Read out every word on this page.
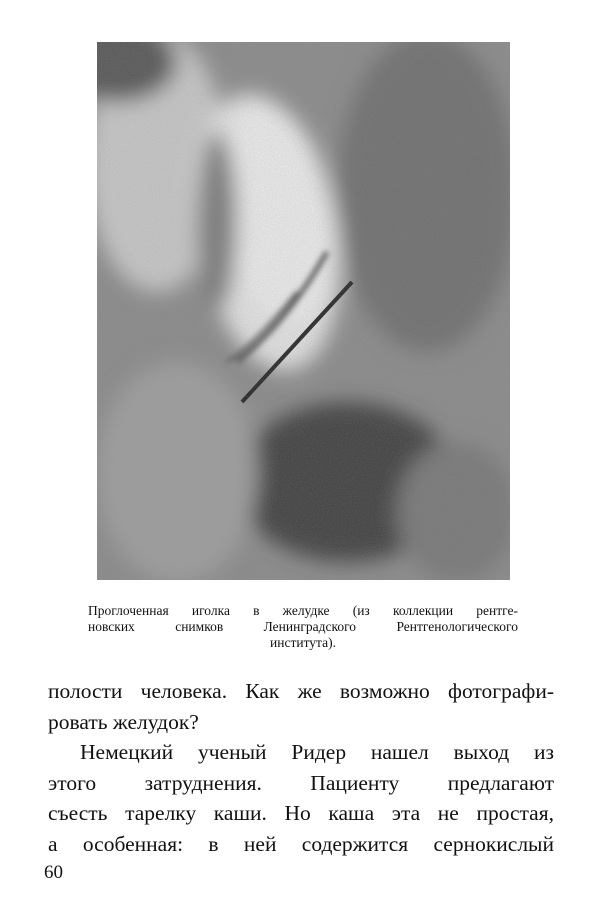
Проглоченная иголка в желудке (из коллекции рентге-
новских снимков Ленинградского Рентгенологического
института).
полости человека. Как же возможно фотографи-
ровать желудок?
Немецкий ученый Ридер нашел выход из
этого затруднения. Пациенту предлагают
съесть тарелку каши. Но каша эта не простая,
а особенная: в ней содержится сернокислый
60
